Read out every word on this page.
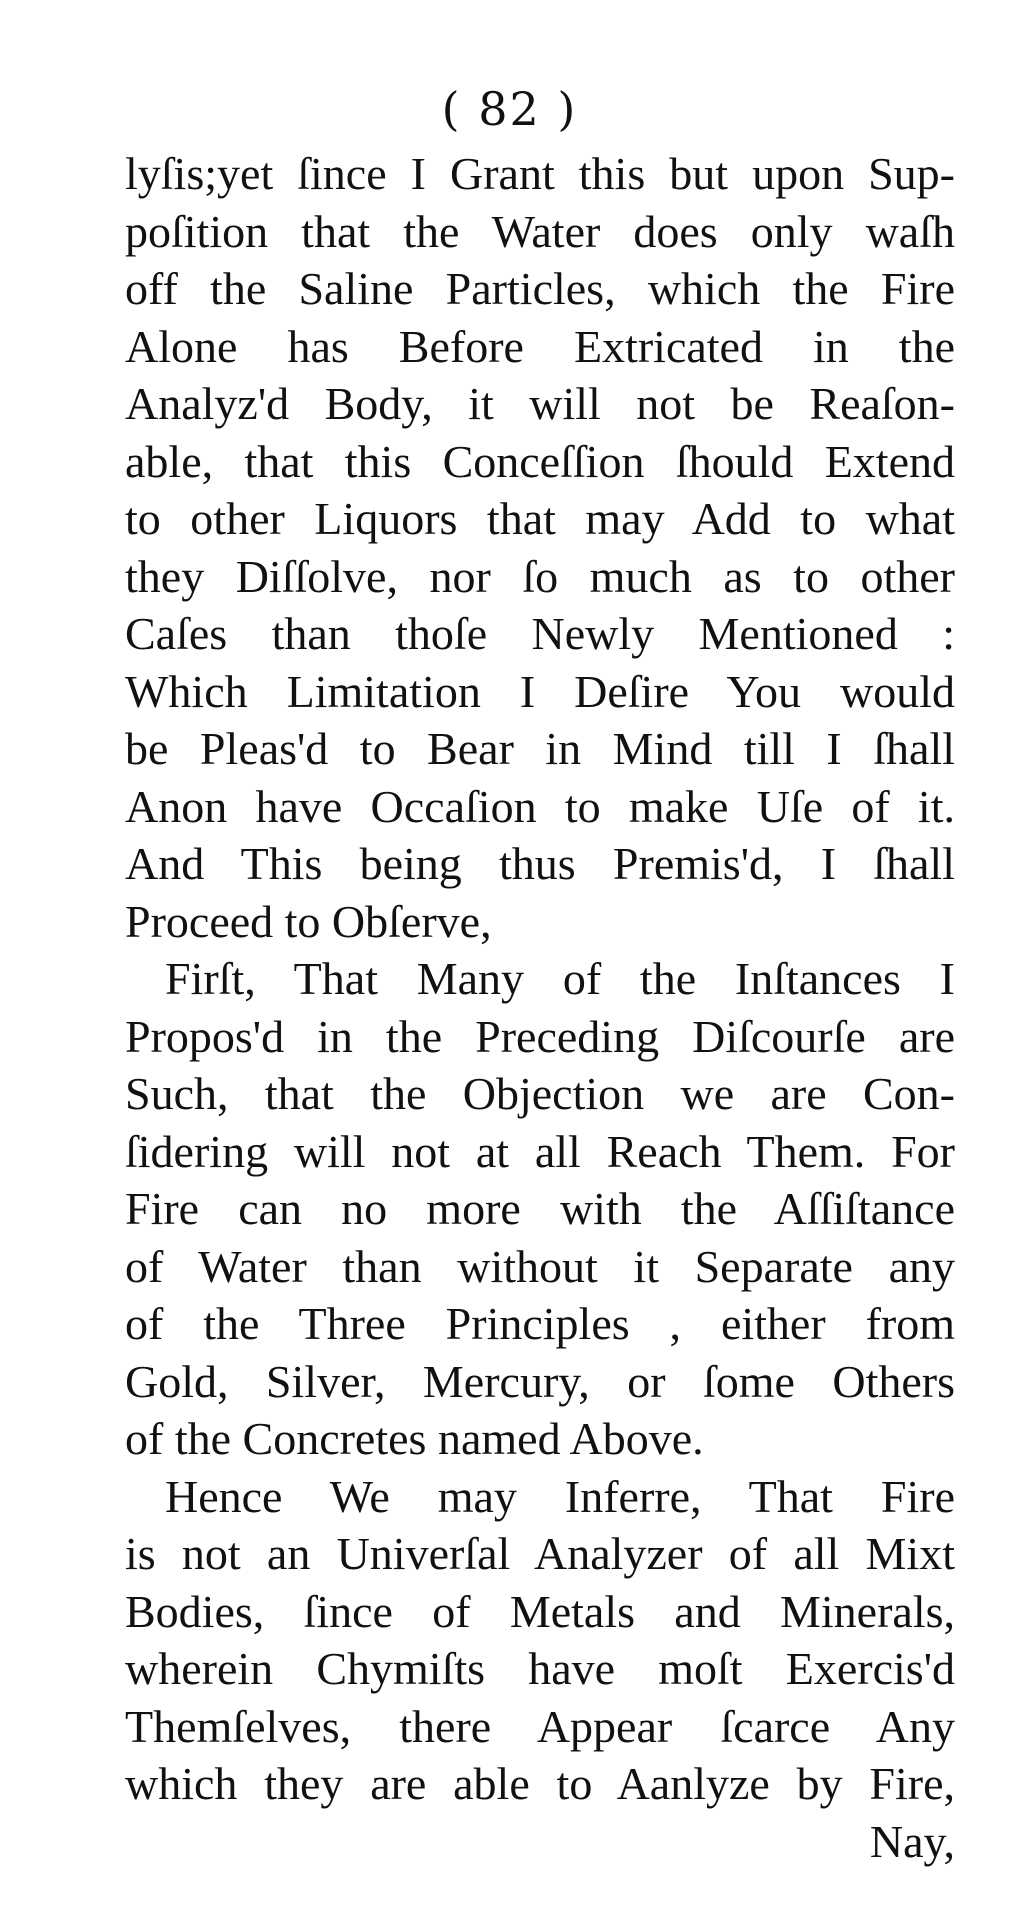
( 82 )
lyſis;yet ſince I Grant this but upon Sup-
poſition that the Water does only waſh
off the Saline Particles, which the Fire
Alone has Before Extricated in the
Analyz'd Body, it will not be Reaſon-
able, that this Conceſſion ſhould Extend
to other Liquors that may Add to what
they Diſſolve, nor ſo much as to other
Caſes than thoſe Newly Mentioned :
Which Limitation I Deſire You would
be Pleas'd to Bear in Mind till I ſhall
Anon have Occaſion to make Uſe of it.
And This being thus Premis'd, I ſhall
Proceed to Obſerve,
Firſt, That Many of the Inſtances I
Propos'd in the Preceding Diſcourſe are
Such, that the Objection we are Con-
ſidering will not at all Reach Them. For
Fire can no more with the Aſſiſtance
of Water than without it Separate any
of the Three Principles , either from
Gold, Silver, Mercury, or ſome Others
of the Concretes named Above.
Hence We may Inferre, That Fire
is not an Univerſal Analyzer of all Mixt
Bodies, ſince of Metals and Minerals,
wherein Chymiſts have moſt Exercis'd
Themſelves, there Appear ſcarce Any
which they are able to Aanlyze by Fire,
Nay,
